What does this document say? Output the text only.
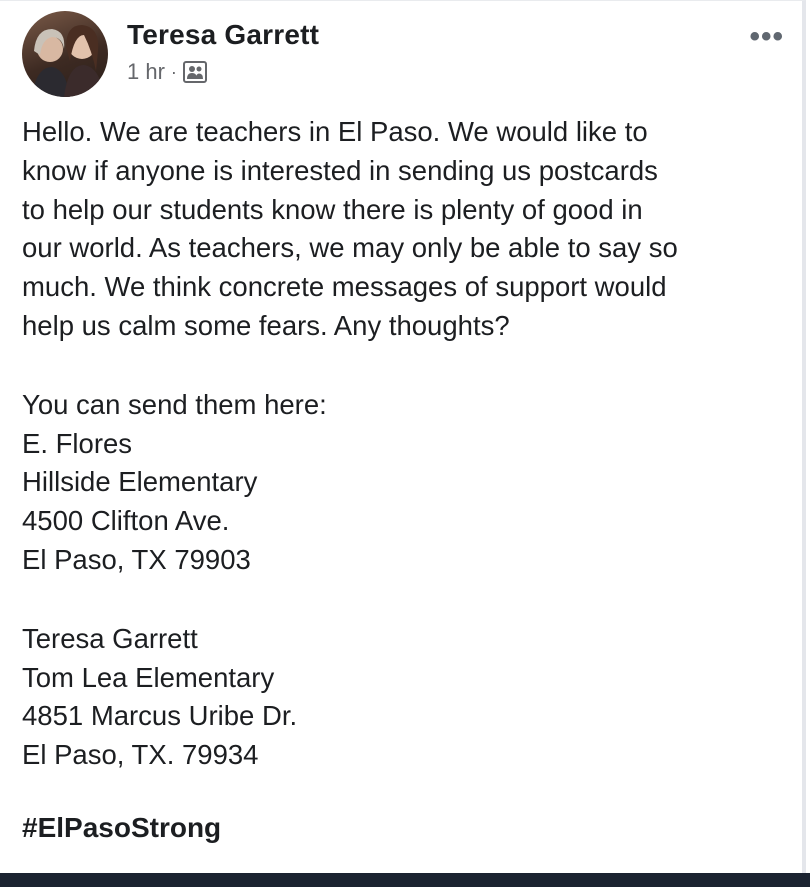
Teresa Garrett
1 hr ·
•••

Hello. We are teachers in El Paso. We would like to
know if anyone is interested in sending us postcards
to help our students know there is plenty of good in
our world. As teachers, we may only be able to say so
much. We think concrete messages of support would
help us calm some fears. Any thoughts?

You can send them here:

E. Flores
Hillside Elementary
4500 Clifton Ave.
El Paso, TX 79903

Teresa Garrett
Tom Lea Elementary
4851 Marcus Uribe Dr.
El Paso, TX. 79934

#ElPasoStrong
